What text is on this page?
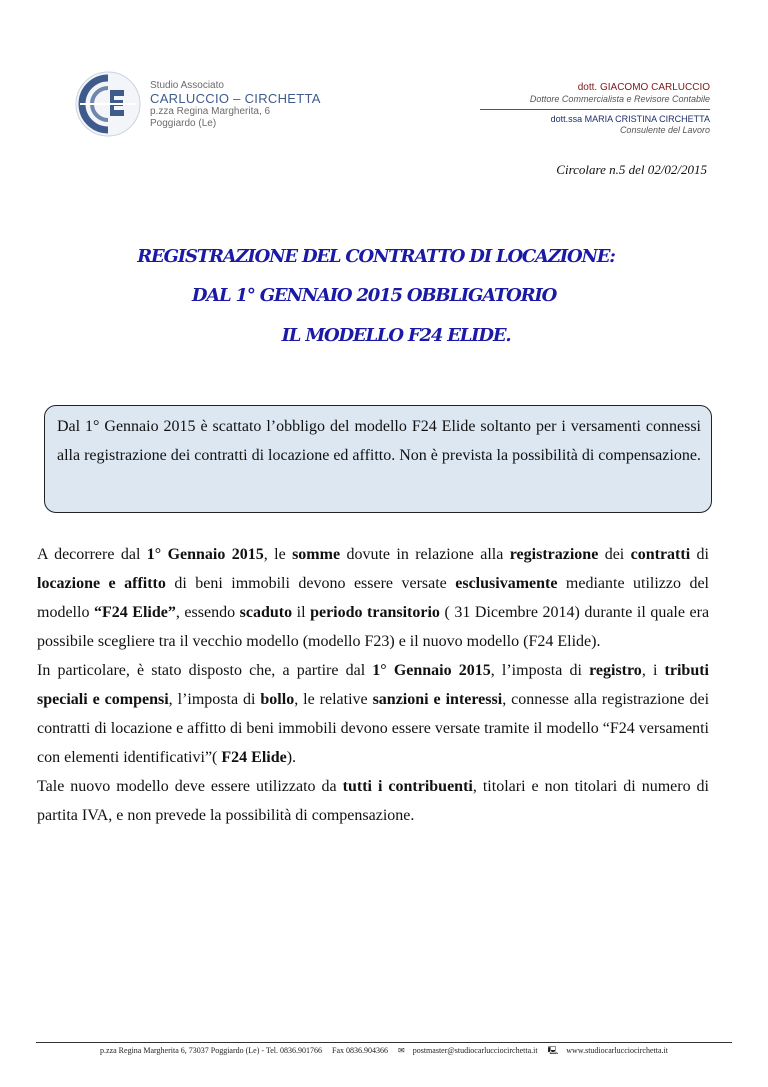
Studio Associato
CARLUCCIO – CIRCHETTA
p.zza Regina Margherita, 6
Poggiardo (Le)
dott. GIACOMO CARLUCCIO
Dottore Commercialista e Revisore Contabile
dott.ssa MARIA CRISTINA CIRCHETTA
Consulente del Lavoro
Circolare n.5 del 02/02/2015
REGISTRAZIONE DEL CONTRATTO DI LOCAZIONE:
DAL 1° GENNAIO 2015 OBBLIGATORIO
IL MODELLO F24 ELIDE.
Dal 1° Gennaio 2015 è scattato l’obbligo del modello F24 Elide soltanto per i versamenti connessi alla registrazione dei contratti di locazione ed affitto. Non è prevista la possibilità di compensazione.

A decorrere dal 1° Gennaio 2015, le somme dovute in relazione alla registrazione dei contratti di locazione e affitto di beni immobili devono essere versate esclusivamente mediante utilizzo del modello “F24 Elide”, essendo scaduto il periodo transitorio ( 31 Dicembre 2014) durante il quale era possibile scegliere tra il vecchio modello (modello F23) e il nuovo modello (F24 Elide).

In particolare, è stato disposto che, a partire dal 1° Gennaio 2015, l’imposta di registro, i tributi speciali e compensi, l’imposta di bollo, le relative sanzioni e interessi, connesse alla registrazione dei contratti di locazione e affitto di beni immobili devono essere versate tramite il modello “F24 versamenti con elementi identificativi”( F24 Elide).

Tale nuovo modello deve essere utilizzato da tutti i contribuenti, titolari e non titolari di numero di partita IVA, e non prevede la possibilità di compensazione.

p.zza Regina Margherita 6, 73037 Poggiardo (Le) - Tel. 0836.901766 Fax 0836.904366 ✉ postmaster@studiocarlucciocirchetta.it 🖳 www.studiocarlucciocirchetta.it
